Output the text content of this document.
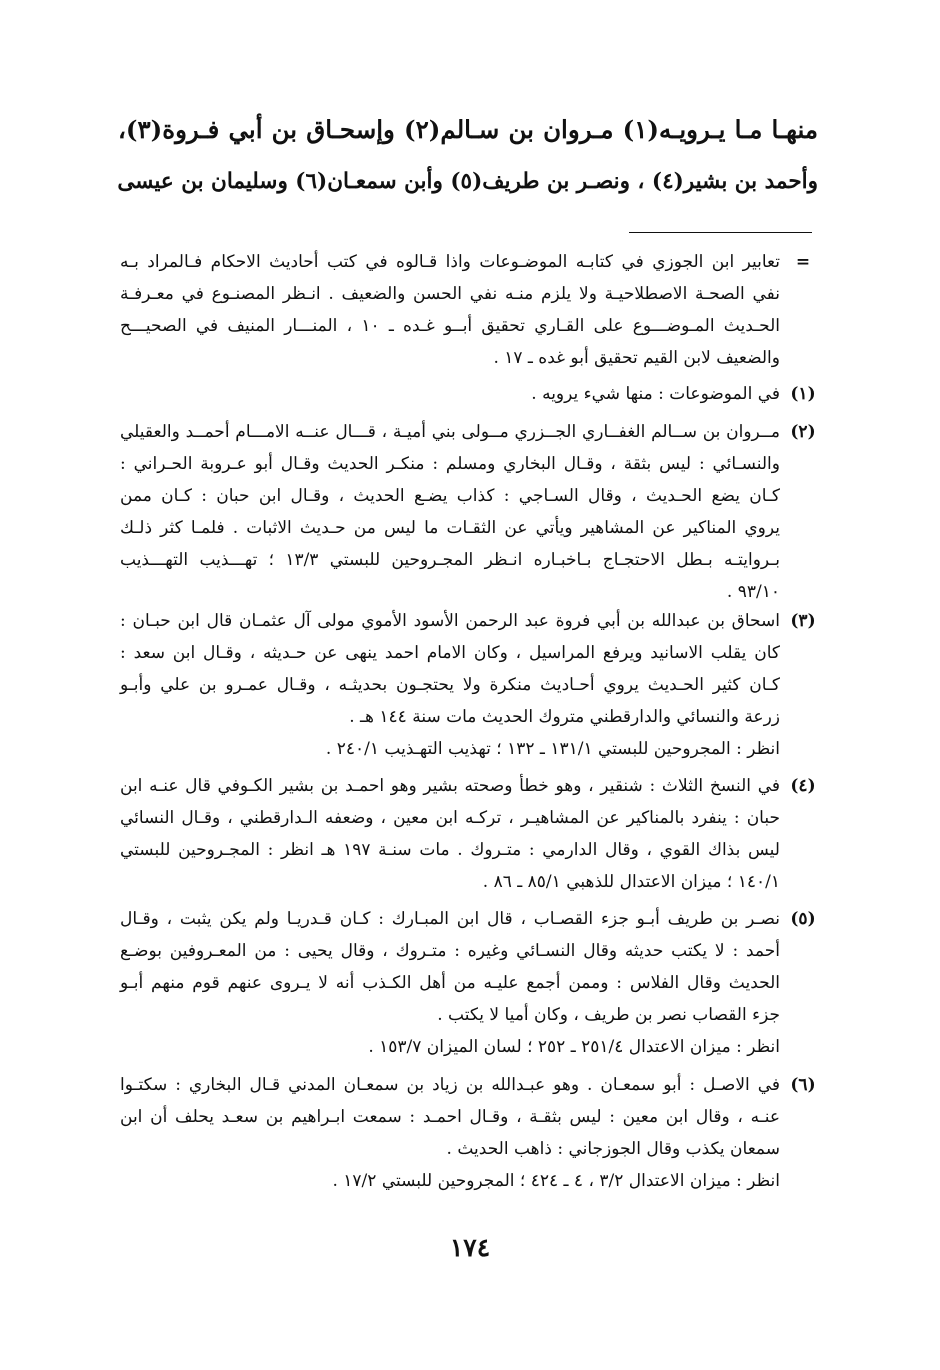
منهـا مـا يـرويـه(١) مـروان بن سـالم(٢) وإسحـاق بن أبي فـروة(٣)،
وأحمد بن بشير(٤) ، ونصـر بن طريف(٥) وأبن سمعـان(٦) وسليمان بن عيسى
=
تعابير ابن الجوزي في كتابـه الموضـوعات واذا قـالوه في كتب أحاديث الاحكام فـالمراد بـه
نفي الصحـة الاصطلاحيـة ولا يلزم منـه نفي الحسن والضعيف . انـظر المصنـوع في معـرفـة
الحـديث المـوضـــوع على القـاري تحقيق أبــو غـده ـ ١٠ ، المنـــار المنيف في الصحيـــح
والضعيف لابن القيم تحقيق أبو غده ـ ١٧ .
(١)
في الموضوعات : منها شيء يرويه .
(٢)
مــروان بن ســالم الغفــاري الجــزري مــولى بني أميـة ، قـــال عنــه الامـــام أحمــد والعقيلي
والنسـائي : ليس بثقة ، وقـال البخاري ومسلم : منكـر الحديث وقـال أبو عـروبة الحـراني :
كـان يضع الحـديث ، وقال السـاجي : كذاب يضـع الحديث ، وقـال ابن حبان : كـان ممن
يروي المناكير عن المشاهير ويأتي عن الثقـات ما ليس من حـديث الاثبات . فلمـا كثر ذلـك
بـروايتـه بـطل الاحتجـاج بـاخبـاره انـظر المجـروحين للبستي ١٣/٣ ؛ تهـــذيب التهـــذيب
٩٣/١٠ .
(٣)
اسحاق بن عبدالله بن أبي فروة عبد الرحمن الأسود الأموي مولى آل عثمـان قال ابن حبـان :
كان يقلب الاسانيد ويرفع المراسيل ، وكان الامام احمد ينهى عن حـديثه ، وقـال ابن سعد :
كـان كثير الحـديث يروي أحـاديث منكرة ولا يحتجـون بحديثـه ، وقـال عمـرو بن علي وأبـو
زرعة والنسائي والدارقطني متروك الحديث مات سنة ١٤٤ هـ .
انظر : المجروحين للبستي ١٣١/١ ـ ١٣٢ ؛ تهذيب التهـذيب ٢٤٠/١ .
(٤)
في النسخ الثلاث : شنقير ، وهو خطأ وصحته بشير وهو احمـد بن بشير الكـوفي قال عنـه ابن
حبان : ينفرد بالمناكير عن المشاهيـر ، تركـه ابن معين ، وضعفه الـدارقطني ، وقـال النسائي
ليس بذاك القوي ، وقال الدارمي : متـروك . مات سنـة ١٩٧ هـ انظر : المجـروحين للبستي
١٤٠/١ ؛ ميزان الاعتدال للذهبي ٨٥/١ ـ ٨٦ .
(٥)
نصـر بن طريف أبـو جزء القصـاب ، قال ابن المبـارك : كـان قـدريـا ولم يكن يثبت ، وقـال
أحمد : لا يكتب حديثه وقال النسـائي وغيره : متـروك ، وقال يحيى : من المعـروفين بوضـع
الحديث وقال الفلاس : وممن أجمع عليـه من أهل الكـذب أنه لا يـروى عنهم قوم منهم أبـو
جزء القصاب نصر بن طريف ، وكان أميا لا يكتب .
انظر : ميزان الاعتدال ٢٥١/٤ ـ ٢٥٢ ؛ لسان الميزان ١٥٣/٧ .
(٦)
في الاصـل : أبو سمعـان . وهو عبـدالله بن زياد بن سمعـان المدني قـال البخاري : سكتـوا
عنـه ، وقال ابن معين : ليس بثقـة ، وقـال احمـد : سمعت ابـراهيم بن سعـد يحلف أن ابن
سمعان يكذب وقال الجوزجاني : ذاهب الحديث .
انظر : ميزان الاعتدال ٣/٢ ، ٤ ـ ٤٢٤ ؛ المجروحين للبستي ١٧/٢ .
١٧٤
